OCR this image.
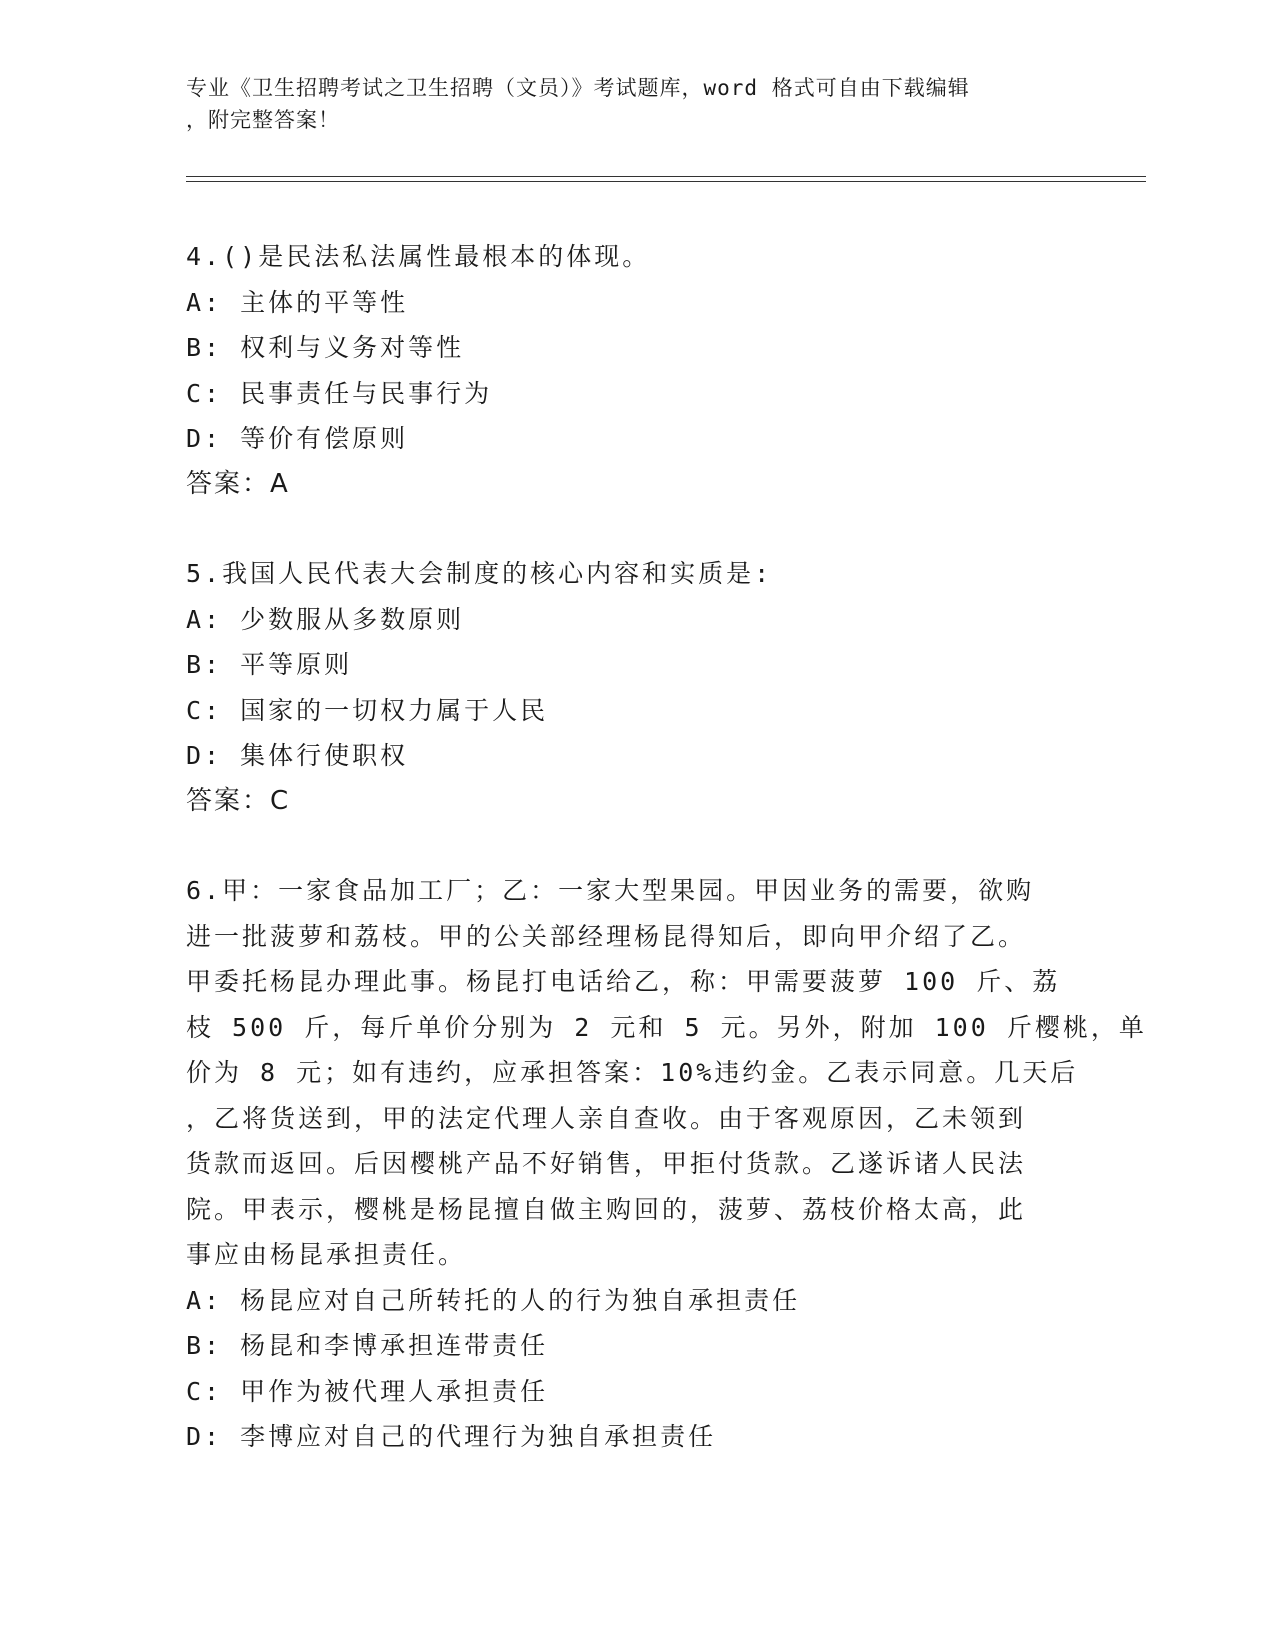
专业《卫生招聘考试之卫生招聘（文员）》考试题库，word 格式可自由下载编辑
，附完整答案！
4.()是民法私法属性最根本的体现。
A: 主体的平等性
B: 权利与义务对等性
C: 民事责任与民事行为
D: 等价有偿原则
答案：A
5.我国人民代表大会制度的核心内容和实质是:
A: 少数服从多数原则
B: 平等原则
C: 国家的一切权力属于人民
D: 集体行使职权
答案：C
6.甲：一家食品加工厂；乙：一家大型果园。甲因业务的需要，欲购
进一批菠萝和荔枝。甲的公关部经理杨昆得知后，即向甲介绍了乙。
甲委托杨昆办理此事。杨昆打电话给乙，称：甲需要菠萝 100 斤、荔
枝 500 斤，每斤单价分别为 2 元和 5 元。另外，附加 100 斤樱桃，单
价为 8 元；如有违约，应承担答案：10%违约金。乙表示同意。几天后
，乙将货送到，甲的法定代理人亲自查收。由于客观原因，乙未领到
货款而返回。后因樱桃产品不好销售，甲拒付货款。乙遂诉诸人民法
院。甲表示，樱桃是杨昆擅自做主购回的，菠萝、荔枝价格太高，此
事应由杨昆承担责任。
A: 杨昆应对自己所转托的人的行为独自承担责任
B: 杨昆和李博承担连带责任
C: 甲作为被代理人承担责任
D: 李博应对自己的代理行为独自承担责任
